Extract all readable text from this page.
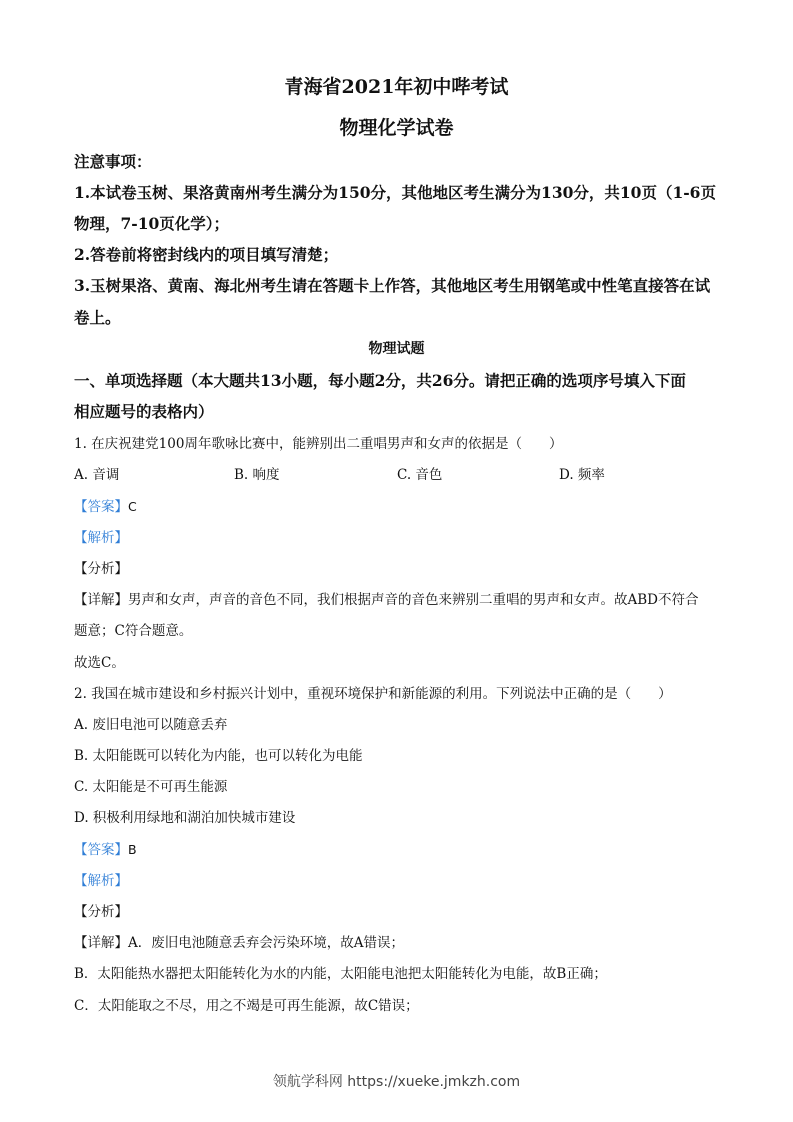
青海省2021年初中哔考试
物理化学试卷
注意事项：
1.本试卷玉树、果洛黄南州考生满分为150分，其他地区考生满分为130分，共10页（1-6页
物理，7-10页化学）；
2.答卷前将密封线内的项目填写清楚；
3.玉树果洛、黄南、海北州考生请在答题卡上作答，其他地区考生用钢笔或中性笔直接答在试
卷上。
物理试题
一、单项选择题（本大题共13小题，每小题2分，共26分。请把正确的选项序号填入下面
相应题号的表格内）
1. 在庆祝建党100周年歌咏比赛中，能辨别出二重唱男声和女声的依据是（　　）
A. 音调	B. 响度	C. 音色	D. 频率
【答案】C
【解析】
【分析】
【详解】男声和女声，声音的音色不同，我们根据声音的音色来辨别二重唱的男声和女声。故ABD不符合
题意；C符合题意。
故选C。
2. 我国在城市建设和乡村振兴计划中，重视环境保护和新能源的利用。下列说法中正确的是（　　）
A. 废旧电池可以随意丢弃
B. 太阳能既可以转化为内能，也可以转化为电能
C. 太阳能是不可再生能源
D. 积极利用绿地和湖泊加快城市建设
【答案】B
【解析】
【分析】
【详解】A．废旧电池随意丢弃会污染环境，故A错误；
B．太阳能热水器把太阳能转化为水的内能，太阳能电池把太阳能转化为电能，故B正确；
C．太阳能取之不尽，用之不竭是可再生能源，故C错误；
领航学科网 https://xueke.jmkzh.com
